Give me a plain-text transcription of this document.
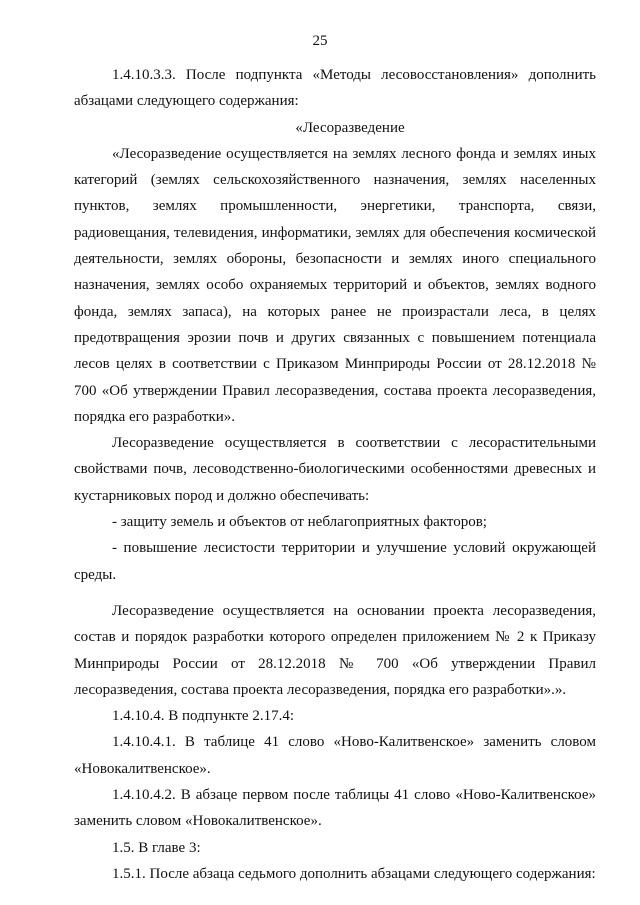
25

1.4.10.3.3. После подпункта «Методы лесовосстановления» дополнить абзацами следующего содержания:

«Лесоразведение

«Лесоразведение осуществляется на землях лесного фонда и землях иных категорий (землях сельскохозяйственного назначения, землях населенных пунктов, землях промышленности, энергетики, транспорта, связи, радиовещания, телевидения, информатики, землях для обеспечения космической деятельности, землях обороны, безопасности и землях иного специального назначения, землях особо охраняемых территорий и объектов, землях водного фонда, землях запаса), на которых ранее не произрастали леса, в целях предотвращения эрозии почв и других связанных с повышением потенциала лесов целях в соответствии с Приказом Минприроды России от 28.12.2018 № 700 «Об утверждении Правил лесоразведения, состава проекта лесоразведения, порядка его разработки».

Лесоразведение осуществляется в соответствии с лесорастительными свойствами почв, лесоводственно-биологическими особенностями древесных и кустарниковых пород и должно обеспечивать:

- защиту земель и объектов от неблагоприятных факторов;

- повышение лесистости территории и улучшение условий окружающей среды.

Лесоразведение осуществляется на основании проекта лесоразведения, состав и порядок разработки которого определен приложением № 2 к Приказу Минприроды России от 28.12.2018 № 700 «Об утверждении Правил лесоразведения, состава проекта лесоразведения, порядка его разработки».».

1.4.10.4. В подпункте 2.17.4:

1.4.10.4.1. В таблице 41 слово «Ново-Калитвенское» заменить словом «Новокалитвенское».

1.4.10.4.2. В абзаце первом после таблицы 41 слово «Ново-Калитвенское» заменить словом «Новокалитвенское».

1.5. В главе 3:

1.5.1. После абзаца седьмого дополнить абзацами следующего содержания:
